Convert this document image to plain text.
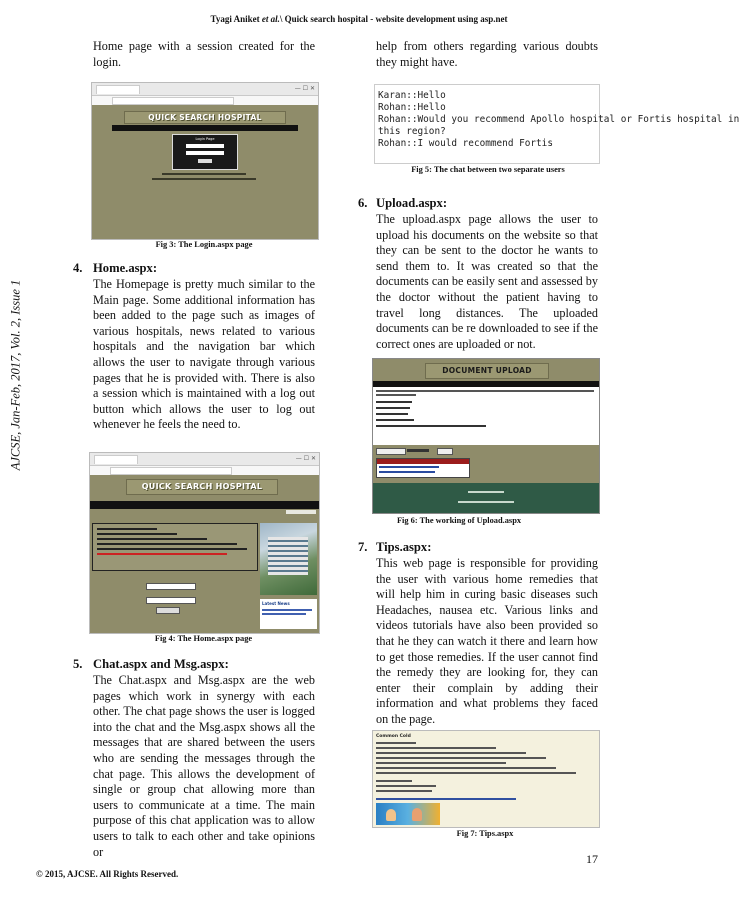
Tyagi Aniket et al.\ Quick search hospital - website development using asp.net
AJCSE, Jan-Feb, 2017, Vol. 2, Issue 1
Home page with a session created for the login.
— ☐ ✕
QUICK SEARCH HOSPITAL
Login Page
Fig 3: The Login.aspx page
4. Home.aspx:
The Homepage is pretty much similar to the Main page. Some additional information has been added to the page such as images of various hospitals, news related to various hospitals and the navigation bar which allows the user to navigate through various pages that he is provided with. There is also a session which is maintained with a log out button which allows the user to log out whenever he feels the need to.
— ☐ ✕
QUICK SEARCH HOSPITAL
Latest News
Fig 4: The Home.aspx page
5. Chat.aspx and Msg.aspx:
The Chat.aspx and Msg.aspx are the web pages which work in synergy with each other. The chat page shows the user is logged into the chat and the Msg.aspx shows all the messages that are shared between the users who are sending the messages through the chat page. This allows the development of single or group chat allowing more than users to communicate at a time. The main purpose of this chat application was to allow users to talk to each other and take opinions or
help from others regarding various doubts they might have.
Karan::Hello
Rohan::Hello
Rohan::Would you recommend Apollo hospital or Fortis hospital in
this region?
Rohan::I would recommend Fortis
Fig 5: The chat between two separate users
6. Upload.aspx:
The upload.aspx page allows the user to upload his documents on the website so that they can be sent to the doctor he wants to send them to. It was created so that the documents can be easily sent and assessed by the doctor without the patient having to travel long distances. The uploaded documents can be re downloaded to see if the correct ones are uploaded or not.
DOCUMENT UPLOAD
Fig 6: The working of Upload.aspx
7. Tips.aspx:
This web page is responsible for providing the user with various home remedies that will help him in curing basic diseases such Headaches, nausea etc. Various links and videos tutorials have also been provided so that he they can watch it there and learn how to get those remedies. If the user cannot find the remedy they are looking for, they can enter their complain by adding their information and what problems they faced on the page.
Common Cold
Fig 7: Tips.aspx
17
© 2015, AJCSE. All Rights Reserved.
